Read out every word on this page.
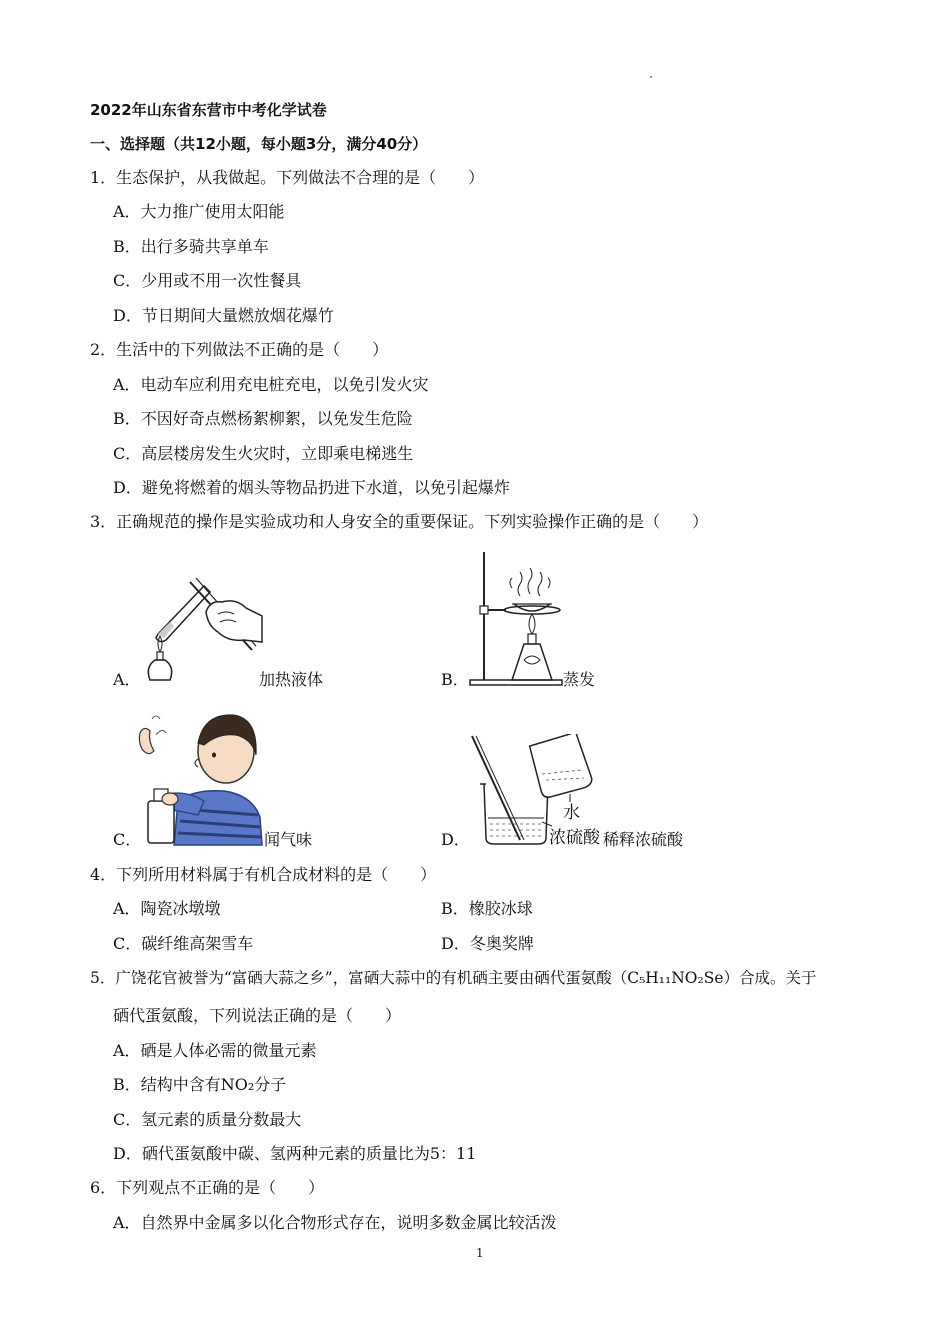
2022年山东省东营市中考化学试卷
一、选择题（共12小题，每小题3分，满分40分）
1．生态保护，从我做起。下列做法不合理的是（　　）
A．大力推广使用太阳能
B．出行多骑共享单车
C．少用或不用一次性餐具
D．节日期间大量燃放烟花爆竹
2．生活中的下列做法不正确的是（　　）
A．电动车应利用充电桩充电，以免引发火灾
B．不因好奇点燃杨絮柳絮，以免发生危险
C．高层楼房发生火灾时，立即乘电梯逃生
D．避免将燃着的烟头等物品扔进下水道，以免引起爆炸
3．正确规范的操作是实验成功和人身安全的重要保证。下列实验操作正确的是（　　）
A．	加热液体	B．	蒸发
C．	闻气味
水
浓硫酸
D．	稀释浓硫酸
4．下列所用材料属于有机合成材料的是（　　）
A．陶瓷冰墩墩	B．橡胶冰球
C．碳纤维高架雪车	D．冬奥奖牌
5．广饶花官被誉为“富硒大蒜之乡”，富硒大蒜中的有机硒主要由硒代蛋氨酸（C₅H₁₁NO₂Se）合成。关于
硒代蛋氨酸，下列说法正确的是（　　）
A．硒是人体必需的微量元素
B．结构中含有NO₂分子
C．氢元素的质量分数最大
D．硒代蛋氨酸中碳、氢两种元素的质量比为5：11
6．下列观点不正确的是（　　）
A．自然界中金属多以化合物形式存在，说明多数金属比较活泼
1
